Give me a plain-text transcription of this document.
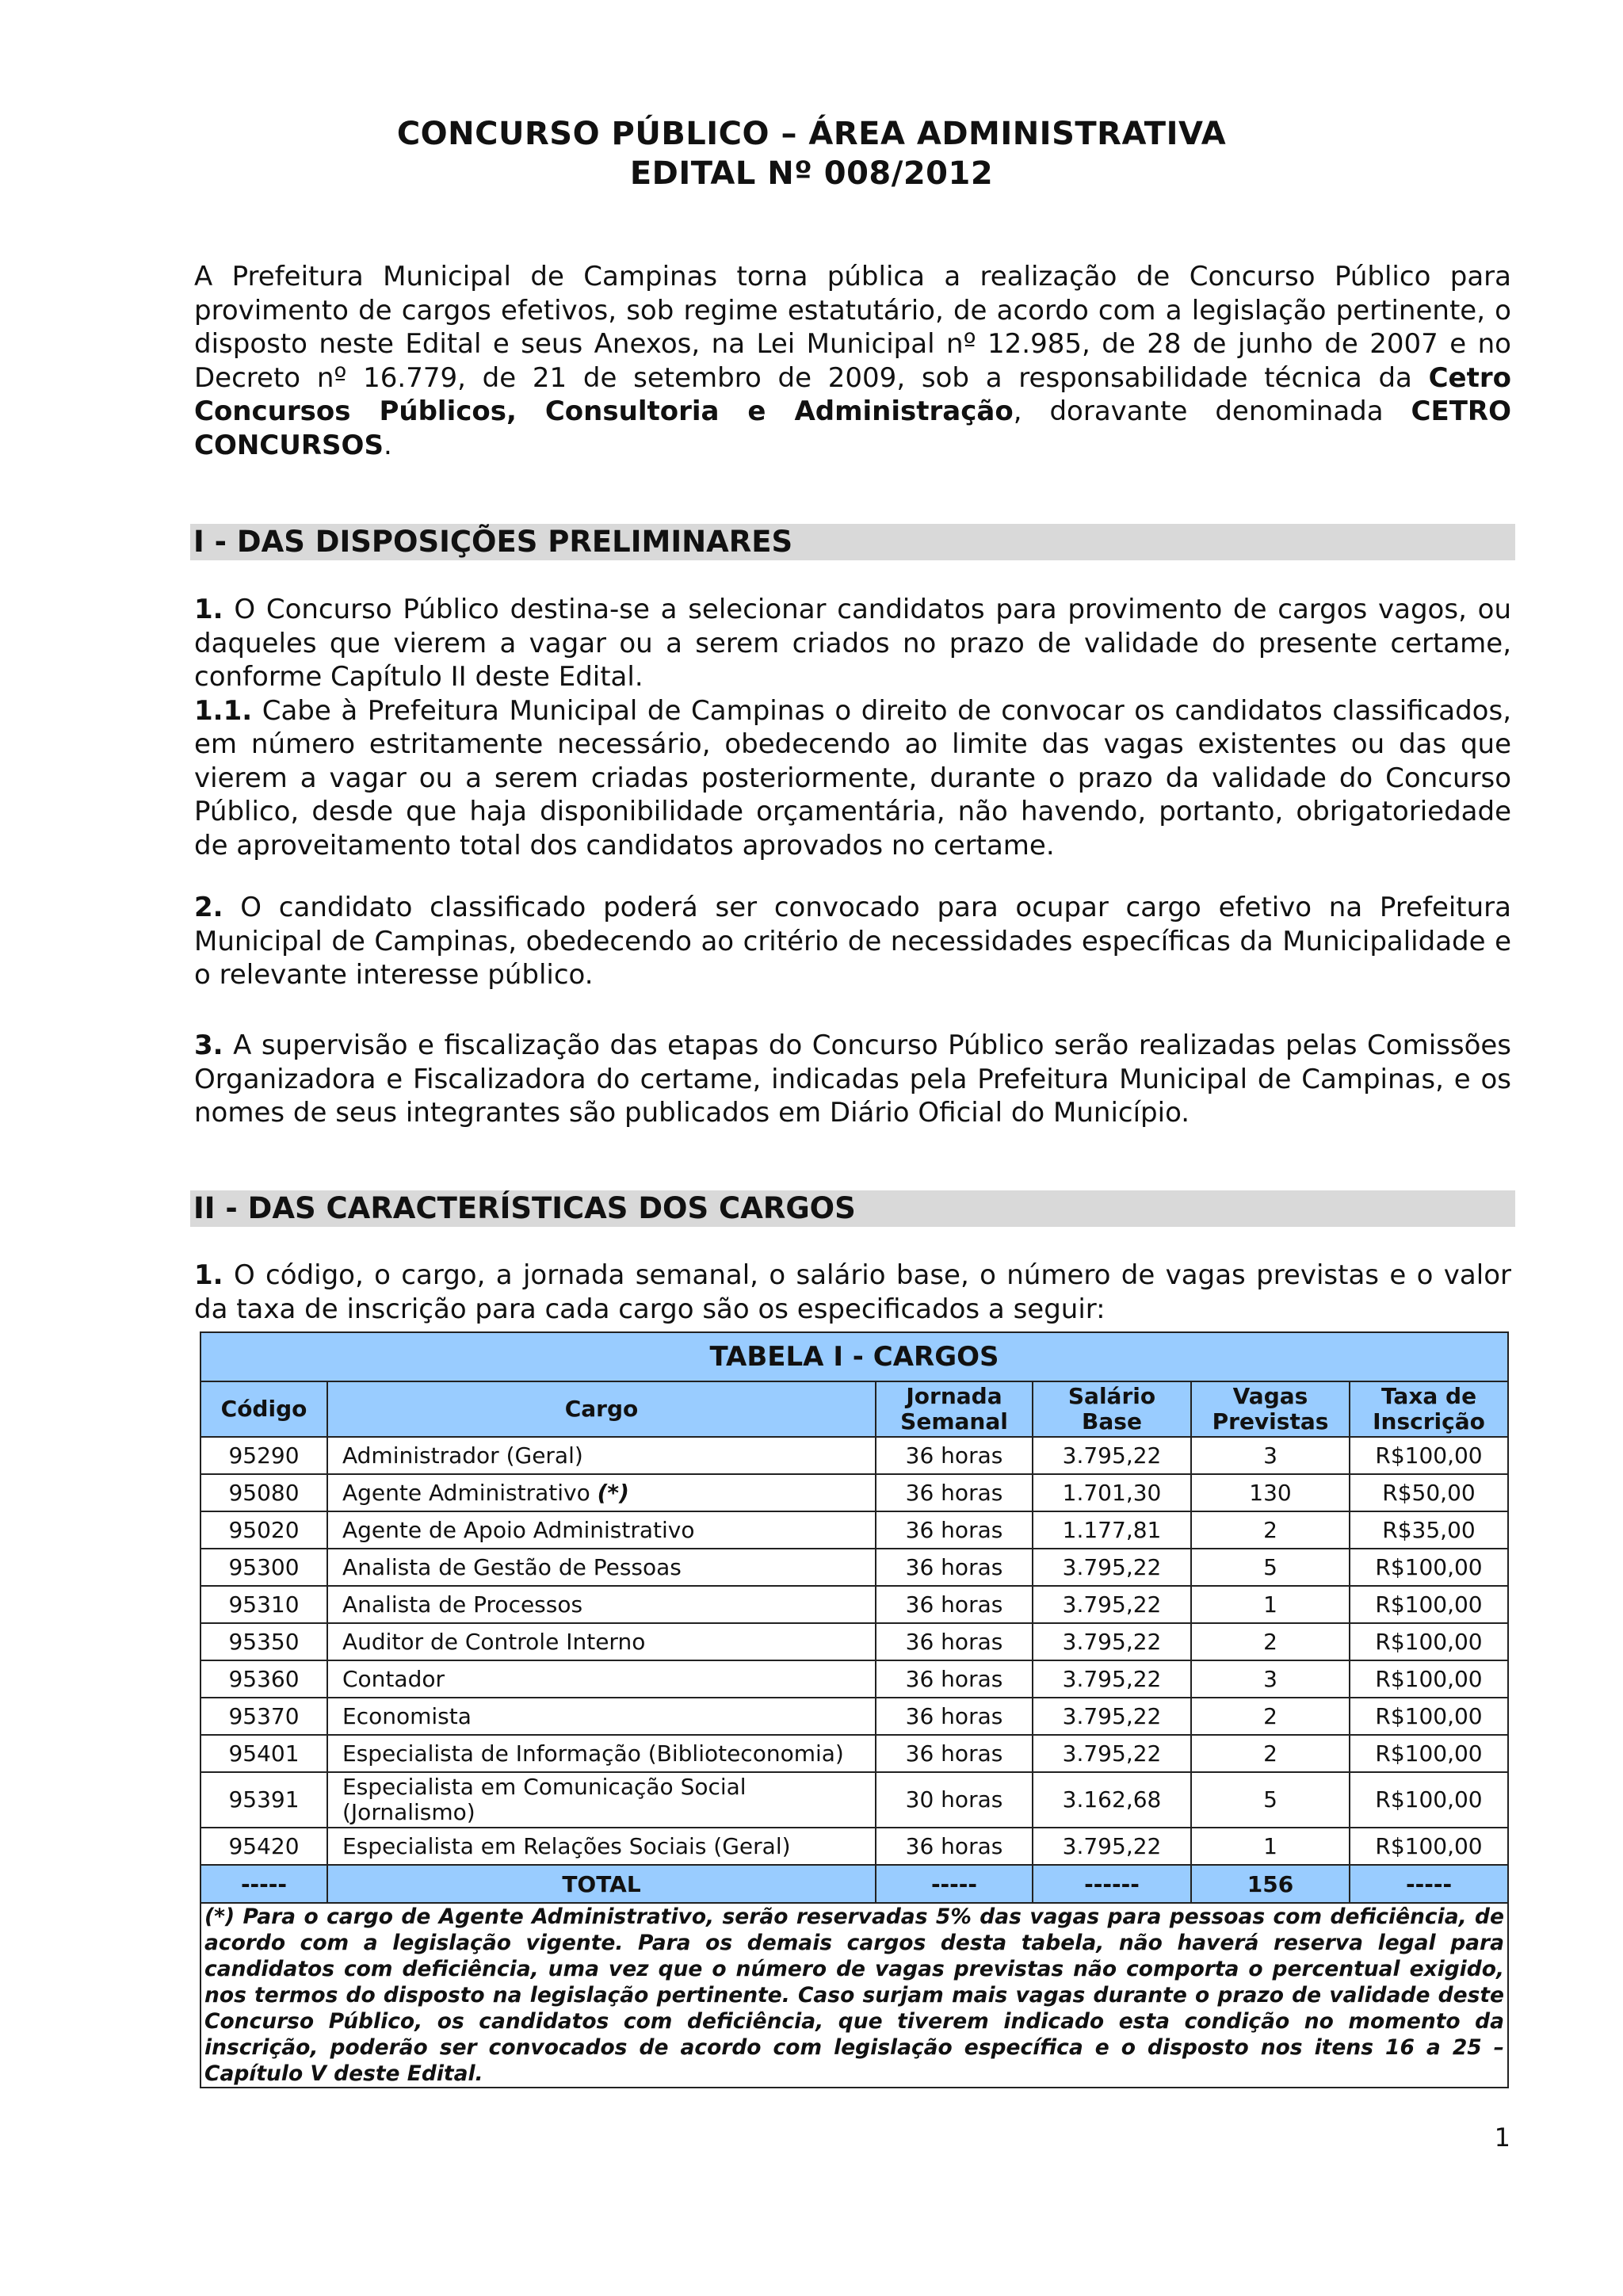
CONCURSO PÚBLICO – ÁREA ADMINISTRATIVA
EDITAL Nº 008/2012
A Prefeitura Municipal de Campinas torna pública a realização de Concurso Público para provimento de cargos efetivos, sob regime estatutário, de acordo com a legislação pertinente, o disposto neste Edital e seus Anexos, na Lei Municipal nº 12.985, de 28 de junho de 2007 e no Decreto nº 16.779, de 21 de setembro de 2009, sob a responsabilidade técnica da Cetro Concursos Públicos, Consultoria e Administração, doravante denominada CETRO CONCURSOS.
I - DAS DISPOSIÇÕES PRELIMINARES
1. O Concurso Público destina-se a selecionar candidatos para provimento de cargos vagos, ou daqueles que vierem a vagar ou a serem criados no prazo de validade do presente certame, conforme Capítulo II deste Edital.
1.1. Cabe à Prefeitura Municipal de Campinas o direito de convocar os candidatos classificados, em número estritamente necessário, obedecendo ao limite das vagas existentes ou das que vierem a vagar ou a serem criadas posteriormente, durante o prazo da validade do Concurso Público, desde que haja disponibilidade orçamentária, não havendo, portanto, obrigatoriedade de aproveitamento total dos candidatos aprovados no certame.
2. O candidato classificado poderá ser convocado para ocupar cargo efetivo na Prefeitura Municipal de Campinas, obedecendo ao critério de necessidades específicas da Municipalidade e o relevante interesse público.
3. A supervisão e fiscalização das etapas do Concurso Público serão realizadas pelas Comissões Organizadora e Fiscalizadora do certame, indicadas pela Prefeitura Municipal de Campinas, e os nomes de seus integrantes são publicados em Diário Oficial do Município.
II - DAS CARACTERÍSTICAS DOS CARGOS
1. O código, o cargo, a jornada semanal, o salário base, o número de vagas previstas e o valor da taxa de inscrição para cada cargo são os especificados a seguir:
TABELA I - CARGOS					
Código	Cargo	Jornada Semanal	Salário Base	Vagas Previstas	Taxa de Inscrição
95290	Administrador (Geral)	36 horas	3.795,22	3	R$100,00
95080	Agente Administrativo (*)	36 horas	1.701,30	130	R$50,00
95020	Agente de Apoio Administrativo	36 horas	1.177,81	2	R$35,00
95300	Analista de Gestão de Pessoas	36 horas	3.795,22	5	R$100,00
95310	Analista de Processos	36 horas	3.795,22	1	R$100,00
95350	Auditor de Controle Interno	36 horas	3.795,22	2	R$100,00
95360	Contador	36 horas	3.795,22	3	R$100,00
95370	Economista	36 horas	3.795,22	2	R$100,00
95401	Especialista de Informação (Biblioteconomia)	36 horas	3.795,22	2	R$100,00
95391	Especialista em Comunicação Social (Jornalismo)	30 horas	3.162,68	5	R$100,00
95420	Especialista em Relações Sociais (Geral)	36 horas	3.795,22	1	R$100,00
-----	TOTAL	-----	------	156	-----
(*) Para o cargo de Agente Administrativo, serão reservadas 5% das vagas para pessoas com deficiência, de acordo com a legislação vigente. Para os demais cargos desta tabela, não haverá reserva legal para candidatos com deficiência, uma vez que o número de vagas previstas não comporta o percentual exigido, nos termos do disposto na legislação pertinente. Caso surjam mais vagas durante o prazo de validade deste Concurso Público, os candidatos com deficiência, que tiverem indicado esta condição no momento da inscrição, poderão ser convocados de acordo com legislação específica e o disposto nos itens 16 a 25 – Capítulo V deste Edital.					
1
